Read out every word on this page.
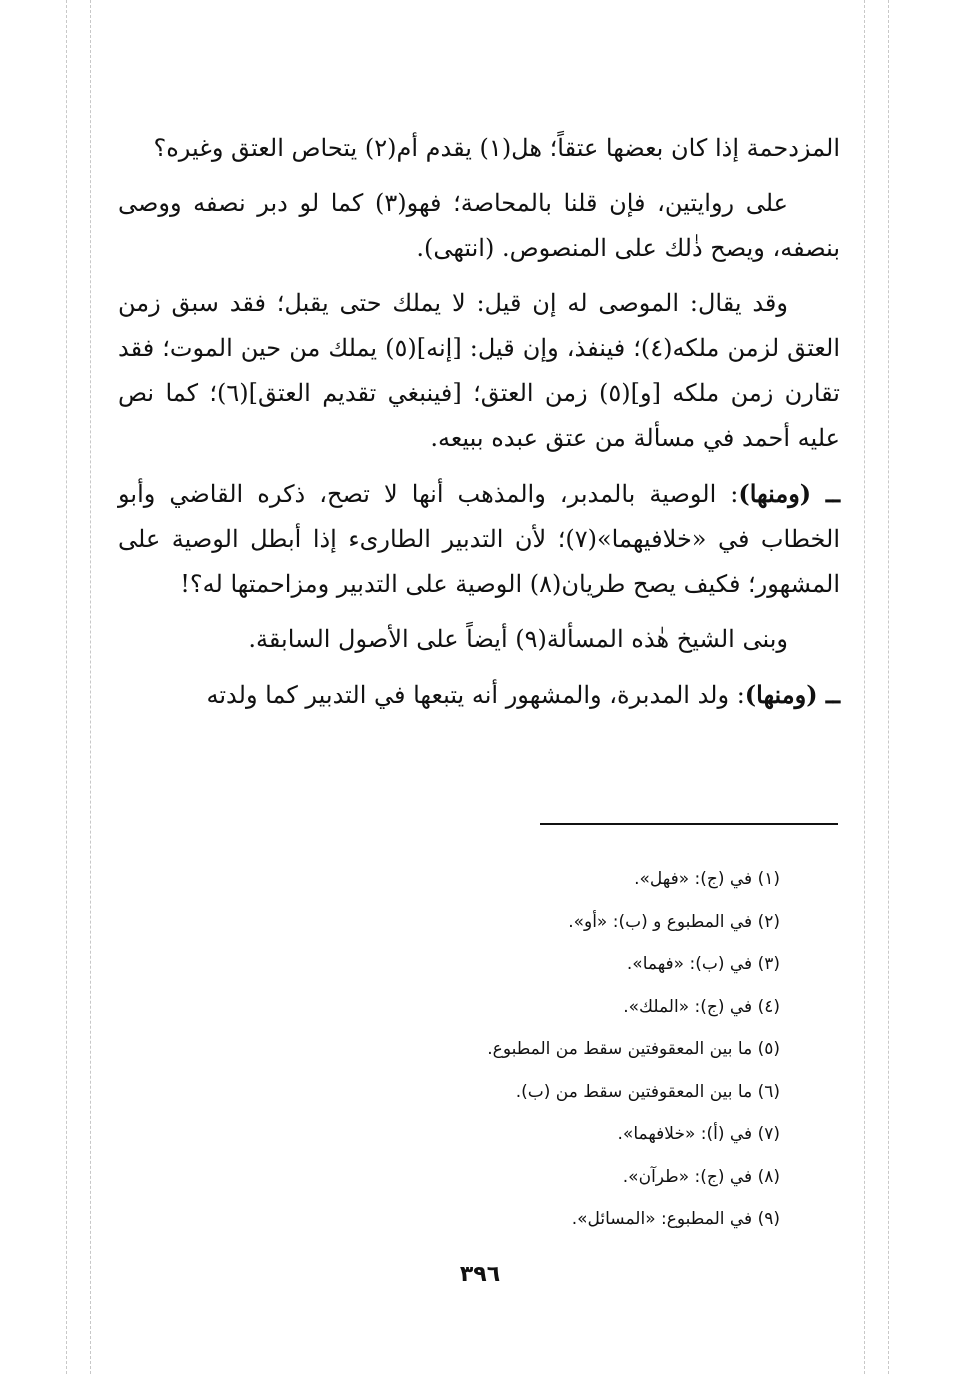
المزدحمة إذا كان بعضها عتقاً؛ هل(١) يقدم أم(٢) يتحاص العتق وغيره؟

على روايتين، فإن قلنا بالمحاصة؛ فهو(٣) كما لو دبر نصفه ووصى بنصفه، ويصح ذٰلك على المنصوص. (انتهى).

وقد يقال: الموصى له إن قيل: لا يملك حتى يقبل؛ فقد سبق زمن العتق لزمن ملكه(٤)؛ فينفذ، وإن قيل: [إنه](٥) يملك من حين الموت؛ فقد تقارن زمن ملكه [و](٥) زمن العتق؛ [فينبغي تقديم العتق](٦)؛ كما نص عليه أحمد في مسألة من عتق عبده ببيعه.

ــ (ومنها): الوصية بالمدبر، والمذهب أنها لا تصح، ذكره القاضي وأبو الخطاب في «خلافيهما»(٧)؛ لأن التدبير الطارىء إذا أبطل الوصية على المشهور؛ فكيف يصح طريان(٨) الوصية على التدبير ومزاحمتها له؟!

وبنى الشيخ هٰذه المسألة(٩) أيضاً على الأصول السابقة.

ــ (ومنها): ولد المدبرة، والمشهور أنه يتبعها في التدبير كما ولدته

(١) في (ج): «فهل».
(٢) في المطبوع و (ب): «أو».
(٣) في (ب): «فهما».
(٤) في (ج): «الملك».
(٥) ما بين المعقوفتين سقط من المطبوع.
(٦) ما بين المعقوفتين سقط من (ب).
(٧) في (أ): «خلافهما».
(٨) في (ج): «طرآن».
(٩) في المطبوع: «المسائل».
٣٩٦
